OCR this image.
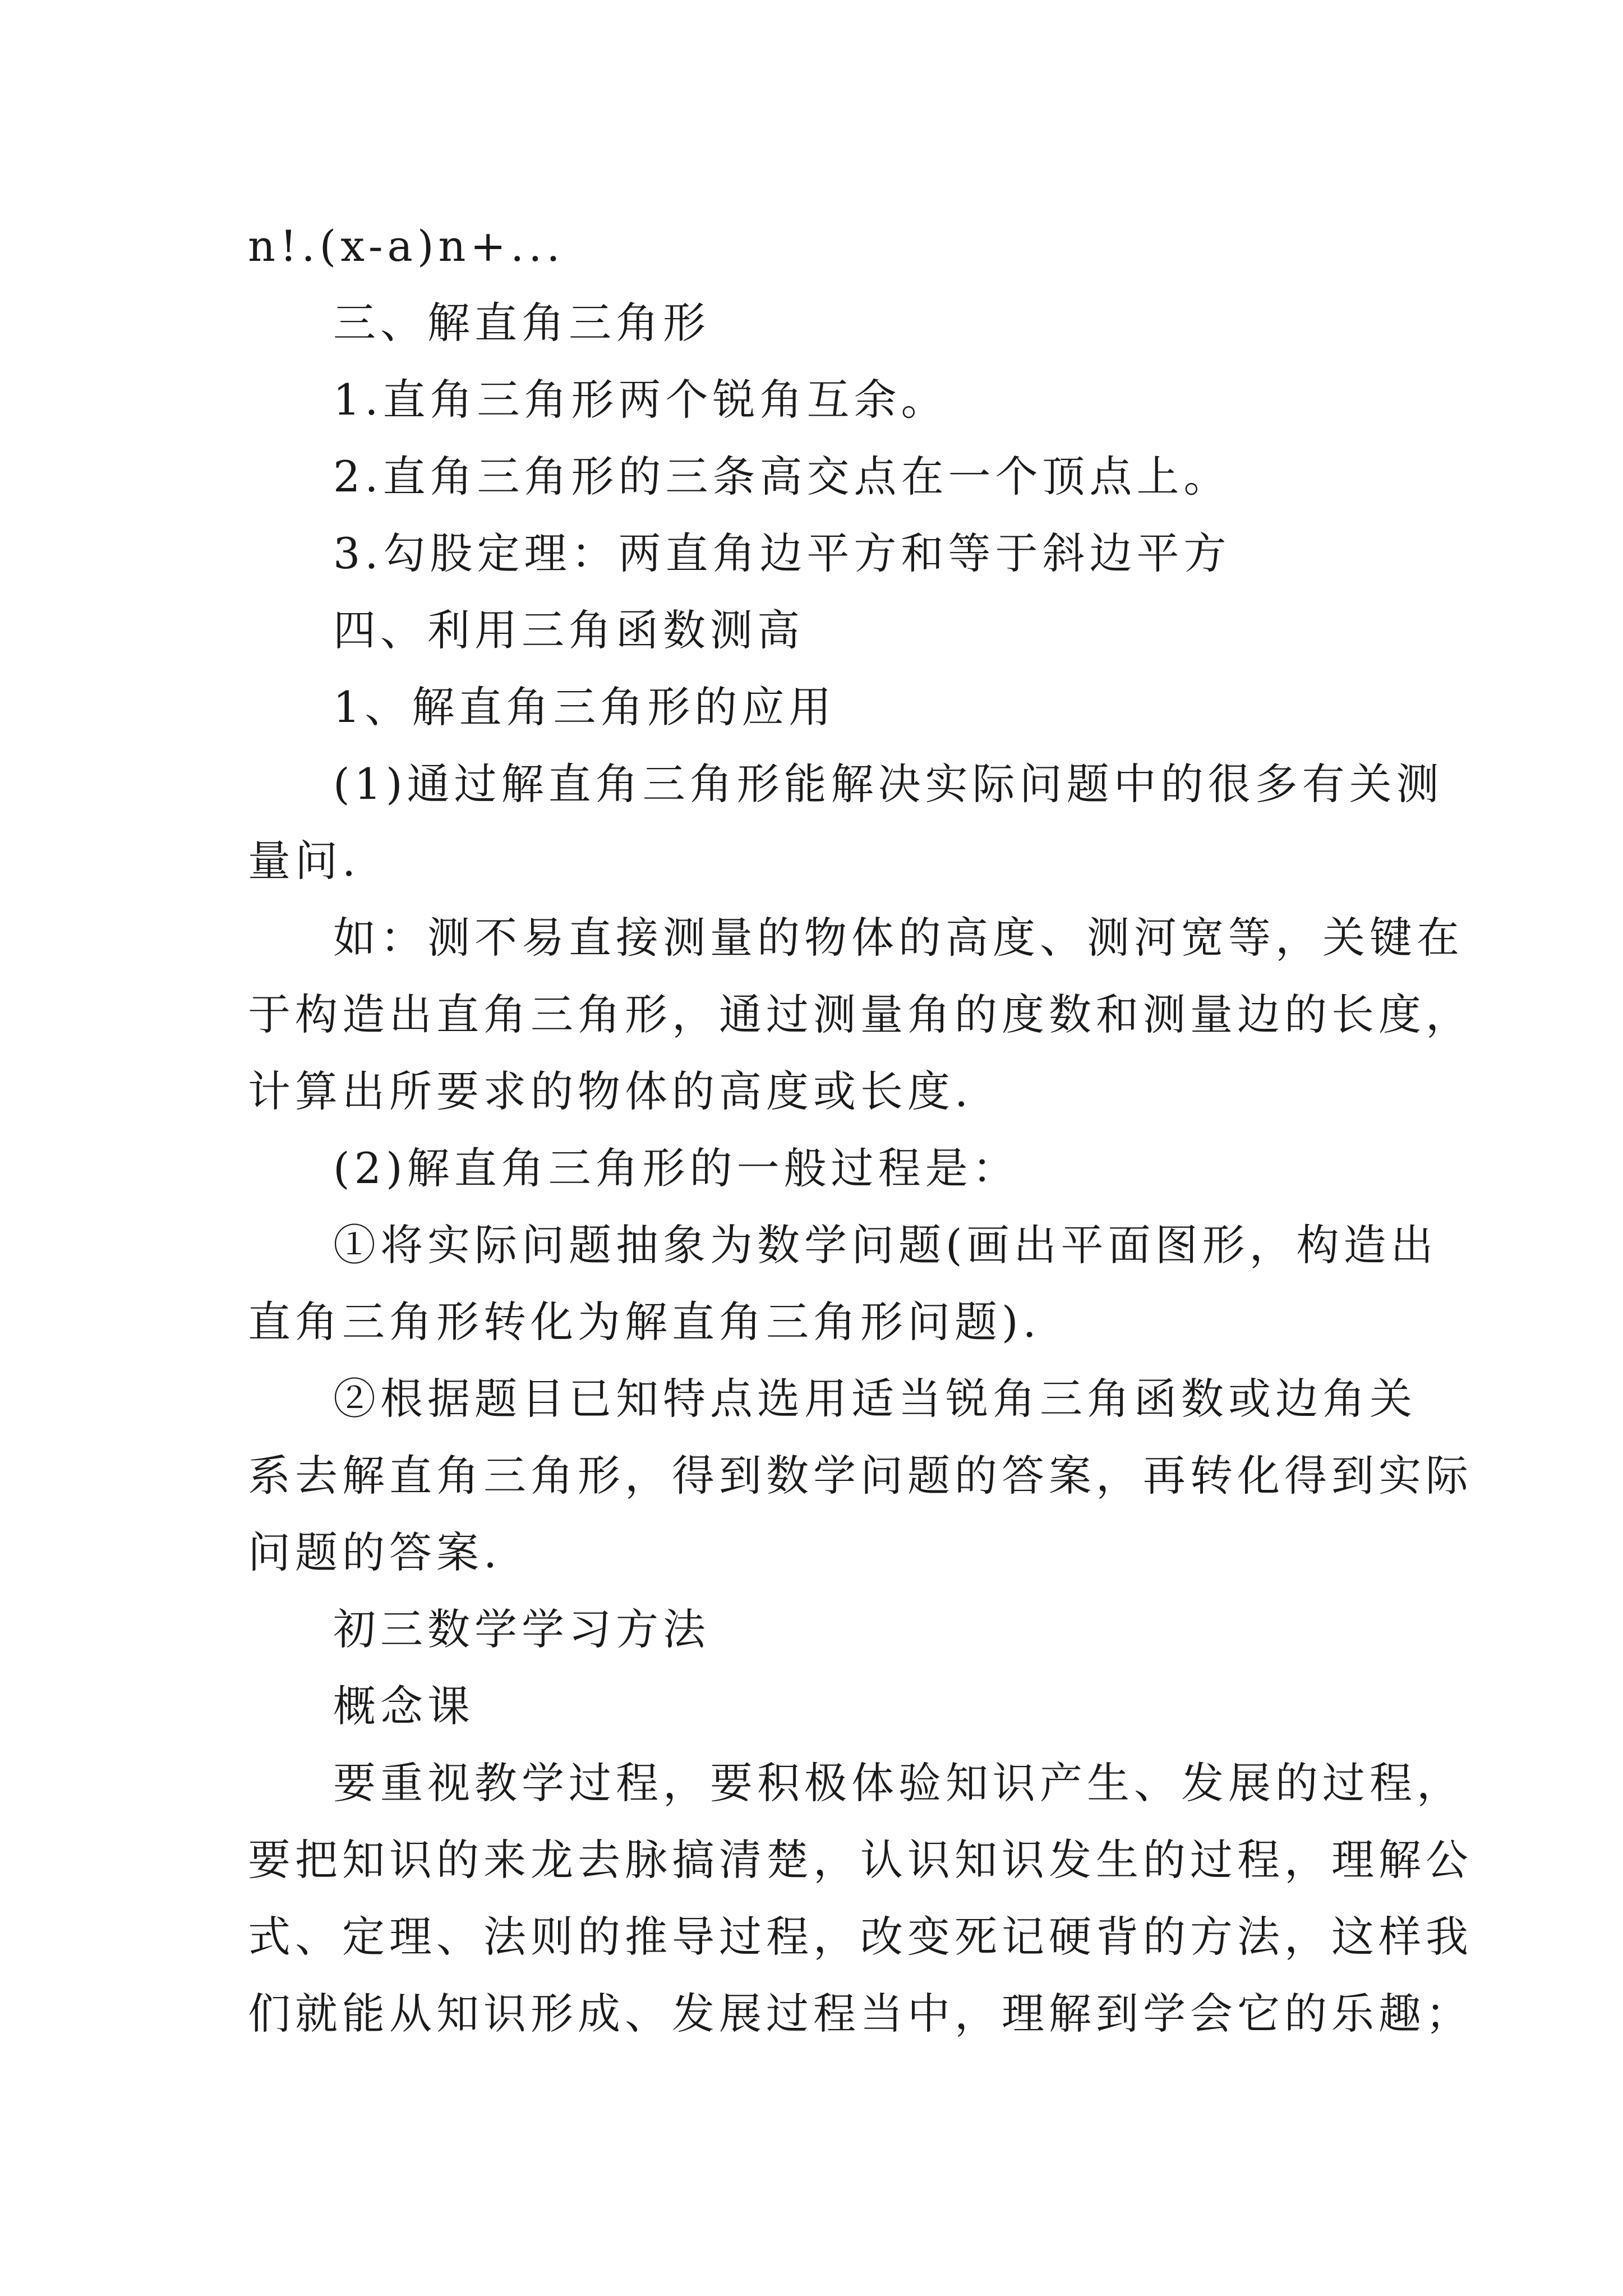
n!.(x-a)n+...

三、解直角三角形

1.直角三角形两个锐角互余。

2.直角三角形的三条高交点在一个顶点上。

3.勾股定理：两直角边平方和等于斜边平方

四、利用三角函数测高

1、解直角三角形的应用

(1)通过解直角三角形能解决实际问题中的很多有关测

量问.

如：测不易直接测量的物体的高度、测河宽等，关键在

于构造出直角三角形，通过测量角的度数和测量边的长度，

计算出所要求的物体的高度或长度.

(2)解直角三角形的一般过程是：

①将实际问题抽象为数学问题(画出平面图形，构造出

直角三角形转化为解直角三角形问题).

②根据题目已知特点选用适当锐角三角函数或边角关

系去解直角三角形，得到数学问题的答案，再转化得到实际

问题的答案.

初三数学学习方法

概念课

要重视教学过程，要积极体验知识产生、发展的过程，

要把知识的来龙去脉搞清楚，认识知识发生的过程，理解公

式、定理、法则的推导过程，改变死记硬背的方法，这样我

们就能从知识形成、发展过程当中，理解到学会它的乐趣；
